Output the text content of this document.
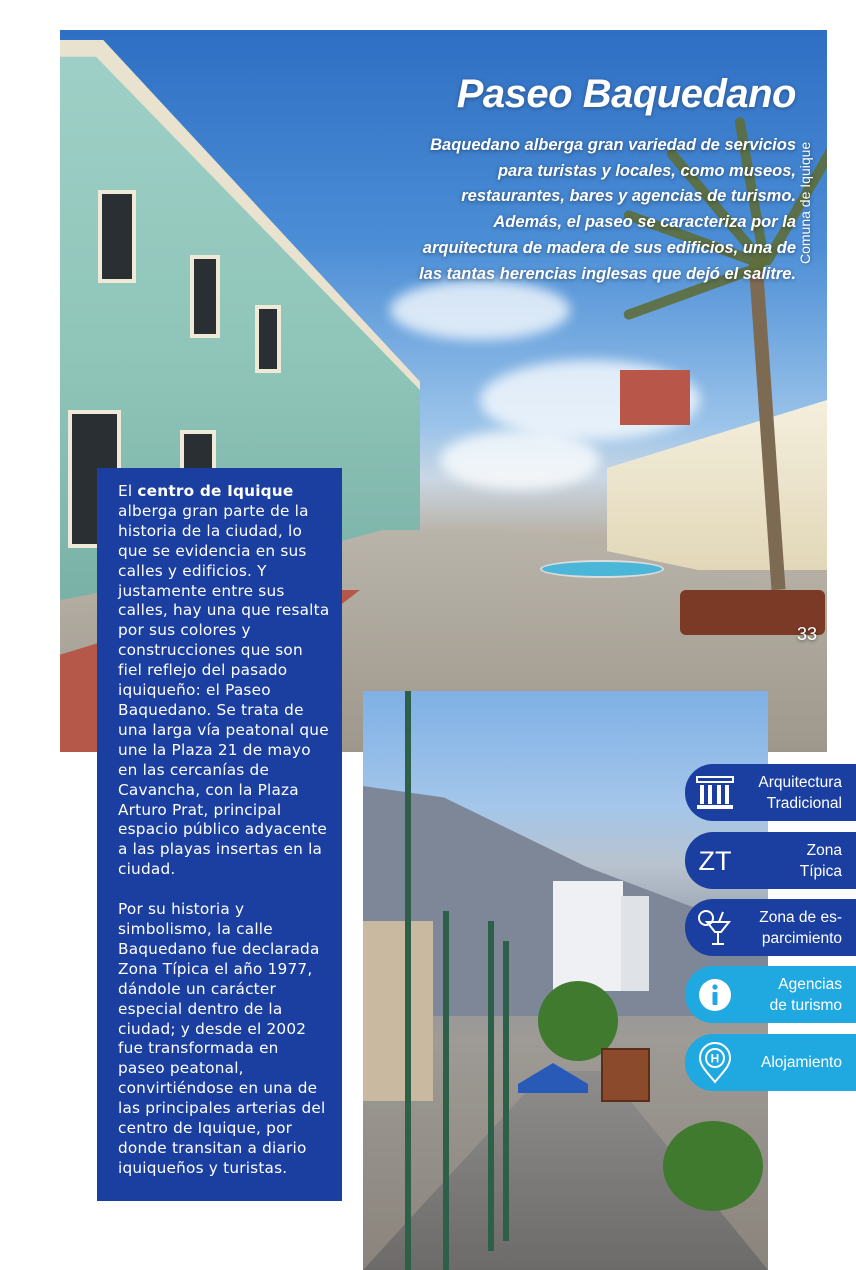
Paseo Baquedano

Baquedano alberga gran variedad de servicios para turistas y locales, como museos, restaurantes, bares y agencias de turismo. Además, el paseo se caracteriza por la arquitectura de madera de sus edificios, una de las tantas herencias inglesas que dejó el salitre.

Comuna de Iquique
33

El centro de Iquique alberga gran parte de la historia de la ciudad, lo que se evidencia en sus calles y edificios. Y justamente entre sus calles, hay una que resalta por sus colores y construcciones que son fiel reflejo del pasado iquiqueño: el Paseo Baquedano. Se trata de una larga vía peatonal que une la Plaza 21 de mayo en las cercanías de Cavancha, con la Plaza Arturo Prat, principal espacio público adyacente a las playas insertas en la ciudad.

Por su historia y simbolismo, la calle Baquedano fue declarada Zona Típica el año 1977, dándole un carácter especial dentro de la ciudad; y desde el 2002 fue transformada en paseo peatonal, convirtiéndose en una de las principales arterias del centro de Iquique, por donde transitan a diario iquiqueños y turistas.

Arquitectura
Tradicional
ZT	Zona
Típica
Zona de es-
parcimiento
Agencias
de turismo
H	Alojamiento
